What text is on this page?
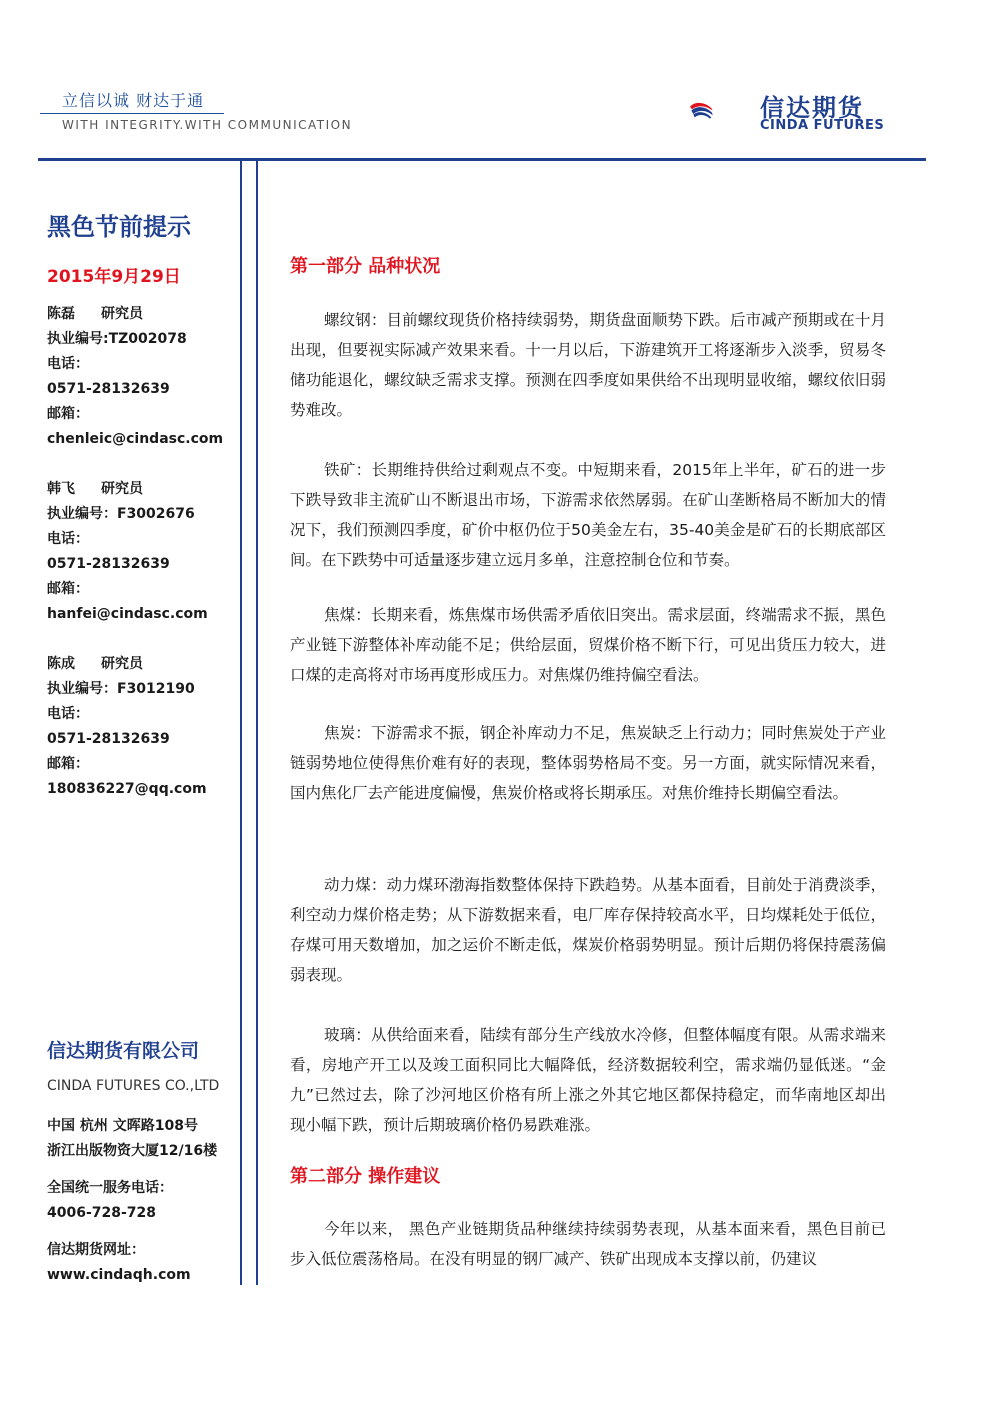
立信以诚 财达于通
WITH INTEGRITY.WITH COMMUNICATION
信达期货
CINDA FUTURES
黑色节前提示
2015年9月29日
陈磊 研究员
执业编号:TZ002078
电话：
0571-28132639
邮箱：
chenleic@cindasc.com
韩飞 研究员
执业编号：F3002676
电话：
0571-28132639
邮箱：
hanfei@cindasc.com
陈成 研究员
执业编号：F3012190
电话：
0571-28132639
邮箱：
180836227@qq.com
信达期货有限公司
CINDA FUTURES CO.,LTD
中国 杭州 文晖路108号
浙江出版物资大厦12/16楼
全国统一服务电话：
4006-728-728
信达期货网址：
www.cindaqh.com
第一部分 品种状况
螺纹钢：目前螺纹现货价格持续弱势，期货盘面顺势下跌。后市减产预期或在十月出现，但要视实际减产效果来看。十一月以后，下游建筑开工将逐渐步入淡季，贸易冬储功能退化，螺纹缺乏需求支撑。预测在四季度如果供给不出现明显收缩，螺纹依旧弱势难改。
铁矿：长期维持供给过剩观点不变。中短期来看，2015年上半年，矿石的进一步下跌导致非主流矿山不断退出市场，下游需求依然孱弱。在矿山垄断格局不断加大的情况下，我们预测四季度，矿价中枢仍位于50美金左右，35-40美金是矿石的长期底部区间。在下跌势中可适量逐步建立远月多单，注意控制仓位和节奏。
焦煤：长期来看，炼焦煤市场供需矛盾依旧突出。需求层面，终端需求不振，黑色产业链下游整体补库动能不足；供给层面，贸煤价格不断下行，可见出货压力较大，进口煤的走高将对市场再度形成压力。对焦煤仍维持偏空看法。
焦炭：下游需求不振，钢企补库动力不足，焦炭缺乏上行动力；同时焦炭处于产业链弱势地位使得焦价难有好的表现，整体弱势格局不变。另一方面，就实际情况来看，国内焦化厂去产能进度偏慢，焦炭价格或将长期承压。对焦价维持长期偏空看法。
动力煤：动力煤环渤海指数整体保持下跌趋势。从基本面看，目前处于消费淡季，利空动力煤价格走势；从下游数据来看，电厂库存保持较高水平，日均煤耗处于低位，存煤可用天数增加，加之运价不断走低，煤炭价格弱势明显。预计后期仍将保持震荡偏弱表现。
玻璃：从供给面来看，陆续有部分生产线放水冷修，但整体幅度有限。从需求端来看，房地产开工以及竣工面积同比大幅降低，经济数据较利空，需求端仍显低迷。“金九”已然过去，除了沙河地区价格有所上涨之外其它地区都保持稳定，而华南地区却出现小幅下跌，预计后期玻璃价格仍易跌难涨。
第二部分 操作建议
今年以来， 黑色产业链期货品种继续持续弱势表现，从基本面来看，黑色目前已步入低位震荡格局。在没有明显的钢厂减产、铁矿出现成本支撑以前，仍建议
